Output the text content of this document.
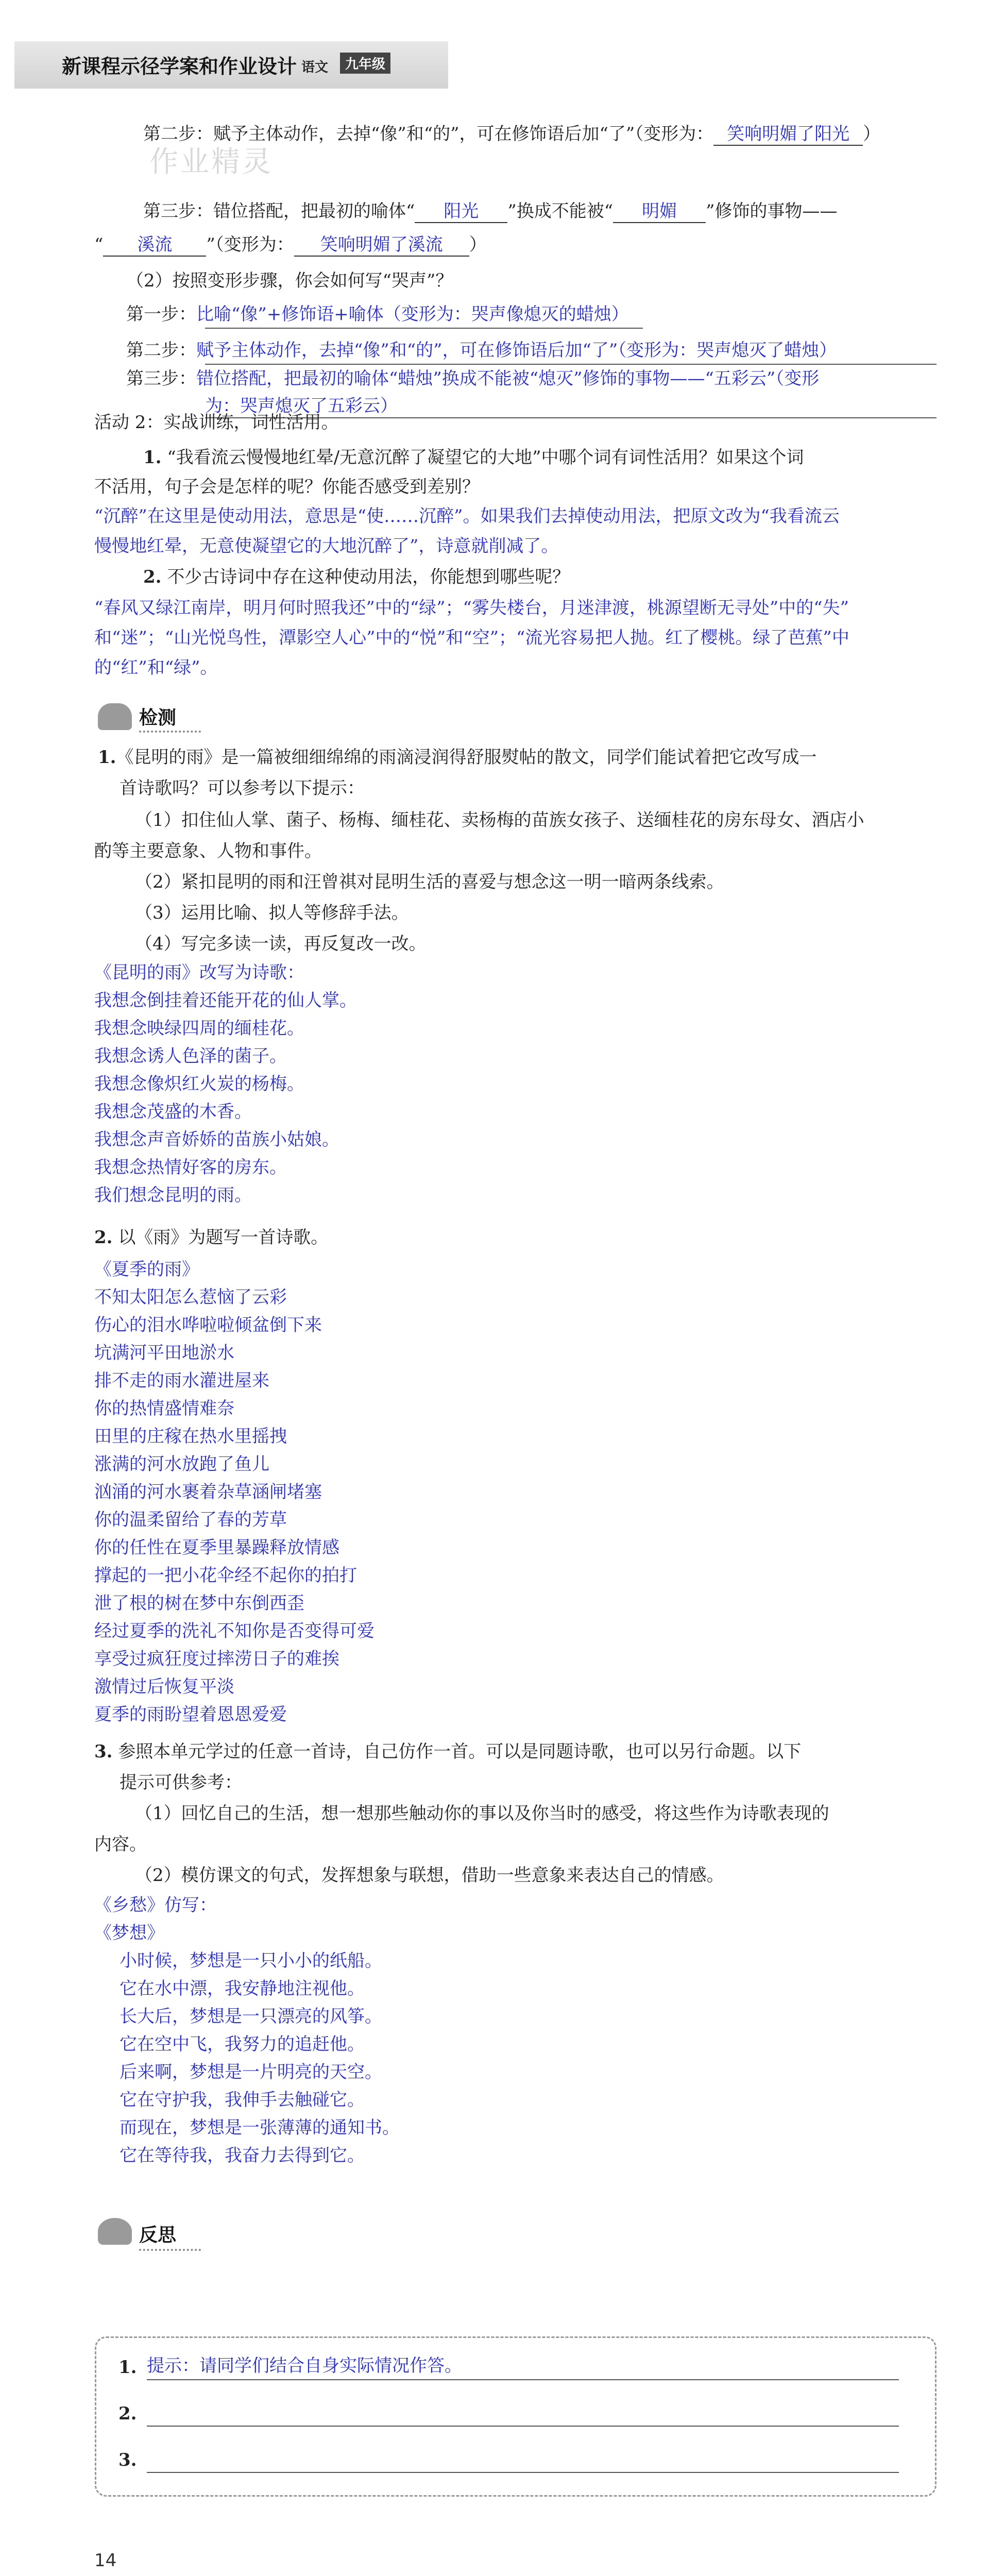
新课程示径学案和作业设计 语文	九年级
作业精灵
第二步：赋予主体动作，去掉“像”和“的”，可在修饰语后加“了”（变形为： 笑响明媚了阳光 ）
第三步：错位搭配，把最初的喻体“ 阳光 ”换成不能被“ 明媚 ”修饰的事物——
“ 溪流 ”（变形为： 笑响明媚了溪流 ）
（2）按照变形步骤，你会如何写“哭声”？
第一步：比喻“像”+修饰语+喻体（变形为：哭声像熄灭的蜡烛）
第二步：赋予主体动作，去掉“像”和“的”，可在修饰语后加“了”（变形为：哭声熄灭了蜡烛）
第三步：错位搭配，把最初的喻体“蜡烛”换成不能被“熄灭”修饰的事物——“五彩云”（变形
为：哭声熄灭了五彩云）
活动 2：实战训练，词性活用。
1. “我看流云慢慢地红晕/无意沉醉了凝望它的大地”中哪个词有词性活用？如果这个词
不活用，句子会是怎样的呢？你能否感受到差别？
“沉醉”在这里是使动用法，意思是“使……沉醉”。如果我们去掉使动用法，把原文改为“我看流云
慢慢地红晕，无意使凝望它的大地沉醉了”，诗意就削减了。
2. 不少古诗词中存在这种使动用法，你能想到哪些呢？
“春风又绿江南岸，明月何时照我还”中的“绿”；“雾失楼台，月迷津渡，桃源望断无寻处”中的“失”
和“迷”；“山光悦鸟性，潭影空人心”中的“悦”和“空”；“流光容易把人抛。红了樱桃。绿了芭蕉”中
的“红”和“绿”。
检测
1.《昆明的雨》是一篇被细细绵绵的雨滴浸润得舒服熨帖的散文，同学们能试着把它改写成一
首诗歌吗？可以参考以下提示：
（1）扣住仙人掌、菌子、杨梅、缅桂花、卖杨梅的苗族女孩子、送缅桂花的房东母女、酒店小
酌等主要意象、人物和事件。
（2）紧扣昆明的雨和汪曾祺对昆明生活的喜爱与想念这一明一暗两条线索。
（3）运用比喻、拟人等修辞手法。
（4）写完多读一读，再反复改一改。
《昆明的雨》改写为诗歌：
我想念倒挂着还能开花的仙人掌。
我想念映绿四周的缅桂花。
我想念诱人色泽的菌子。
我想念像炽红火炭的杨梅。
我想念茂盛的木香。
我想念声音娇娇的苗族小姑娘。
我想念热情好客的房东。
我们想念昆明的雨。
2. 以《雨》为题写一首诗歌。
《夏季的雨》
不知太阳怎么惹恼了云彩
伤心的泪水哗啦啦倾盆倒下来
坑满河平田地淤水
排不走的雨水灌进屋来
你的热情盛情难奈
田里的庄稼在热水里摇拽
涨满的河水放跑了鱼儿
汹涌的河水裹着杂草涵闸堵塞
你的温柔留给了春的芳草
你的任性在夏季里暴躁释放情感
撑起的一把小花伞经不起你的拍打
泄了根的树在梦中东倒西歪
经过夏季的洗礼不知你是否变得可爱
享受过疯狂度过摔涝日子的难挨
激情过后恢复平淡
夏季的雨盼望着恩恩爱爱
3. 参照本单元学过的任意一首诗，自己仿作一首。可以是同题诗歌，也可以另行命题。以下
提示可供参考：
（1）回忆自己的生活，想一想那些触动你的事以及你当时的感受，将这些作为诗歌表现的
内容。
（2）模仿课文的句式，发挥想象与联想，借助一些意象来表达自己的情感。
《乡愁》仿写：
《梦想》
小时候，梦想是一只小小的纸船。
它在水中漂，我安静地注视他。
长大后，梦想是一只漂亮的风筝。
它在空中飞，我努力的追赶他。
后来啊，梦想是一片明亮的天空。
它在守护我，我伸手去触碰它。
而现在，梦想是一张薄薄的通知书。
它在等待我，我奋力去得到它。
反思
1. 提示：请同学们结合自身实际情况作答。
2.
3.
14
